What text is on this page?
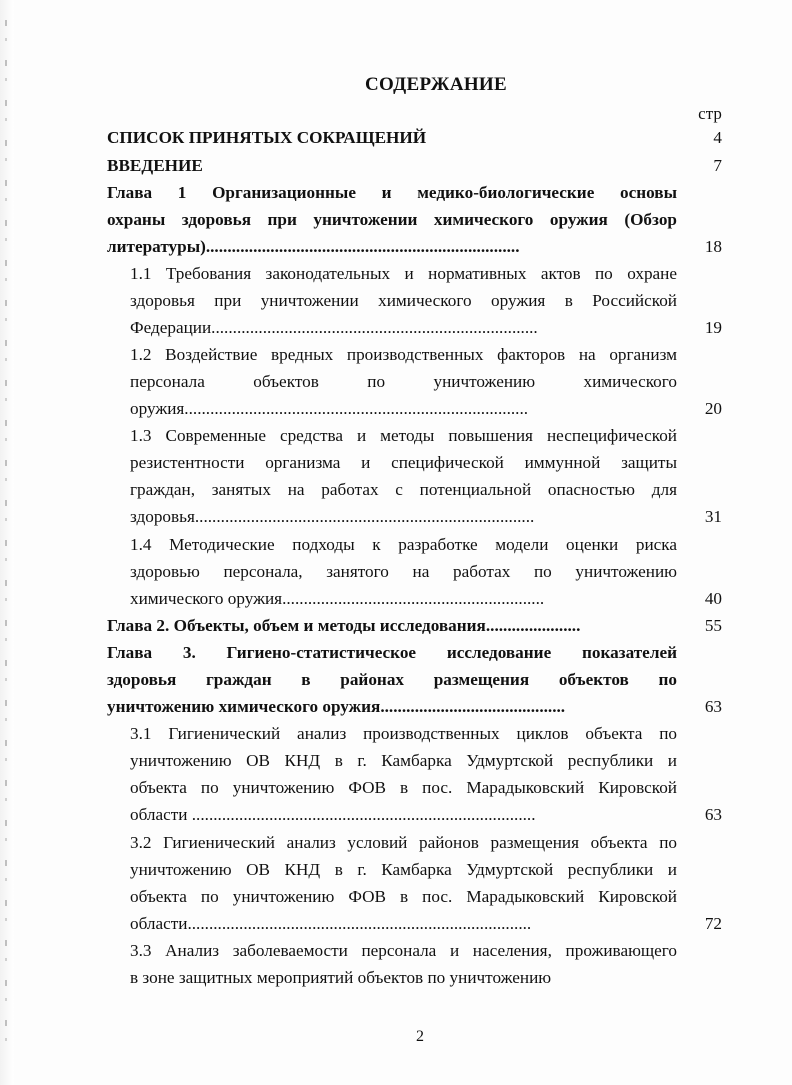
СОДЕРЖАНИЕ
стр
СПИСОК ПРИНЯТЫХ СОКРАЩЕНИЙ	4
ВВЕДЕНИЕ	7
Глава 1 Организационные и медико-биологические основы
охраны здоровья при уничтожении химического оружия (Обзор
литературы).........................................................................	18
1.1 Требования законодательных и нормативных актов по охране
здоровья при уничтожении химического оружия в Российской
Федерации............................................................................	19
1.2 Воздействие вредных производственных факторов на организм
персонала объектов по уничтожению химического
оружия................................................................................	20
1.3 Современные средства и методы повышения неспецифической
резистентности организма и специфической иммунной защиты
граждан, занятых на работах с потенциальной опасностью для
здоровья...............................................................................	31
1.4 Методические подходы к разработке модели оценки риска
здоровью персонала, занятого на работах по уничтожению
химического оружия.............................................................	40
Глава 2. Объекты, объем и методы исследования......................	55
Глава 3. Гигиено-статистическое исследование показателей
здоровья граждан в районах размещения объектов по
уничтожению химического оружия...........................................	63
3.1 Гигиенический анализ производственных циклов объекта по
уничтожению ОВ КНД в г. Камбарка Удмуртской республики и
объекта по уничтожению ФОВ в пос. Марадыковский Кировской
области ................................................................................	63
3.2 Гигиенический анализ условий районов размещения объекта по
уничтожению ОВ КНД в г. Камбарка Удмуртской республики и
объекта по уничтожению ФОВ в пос. Марадыковский Кировской
области................................................................................	72
3.3 Анализ заболеваемости персонала и населения, проживающего
в зоне защитных мероприятий объектов по уничтожению
2
